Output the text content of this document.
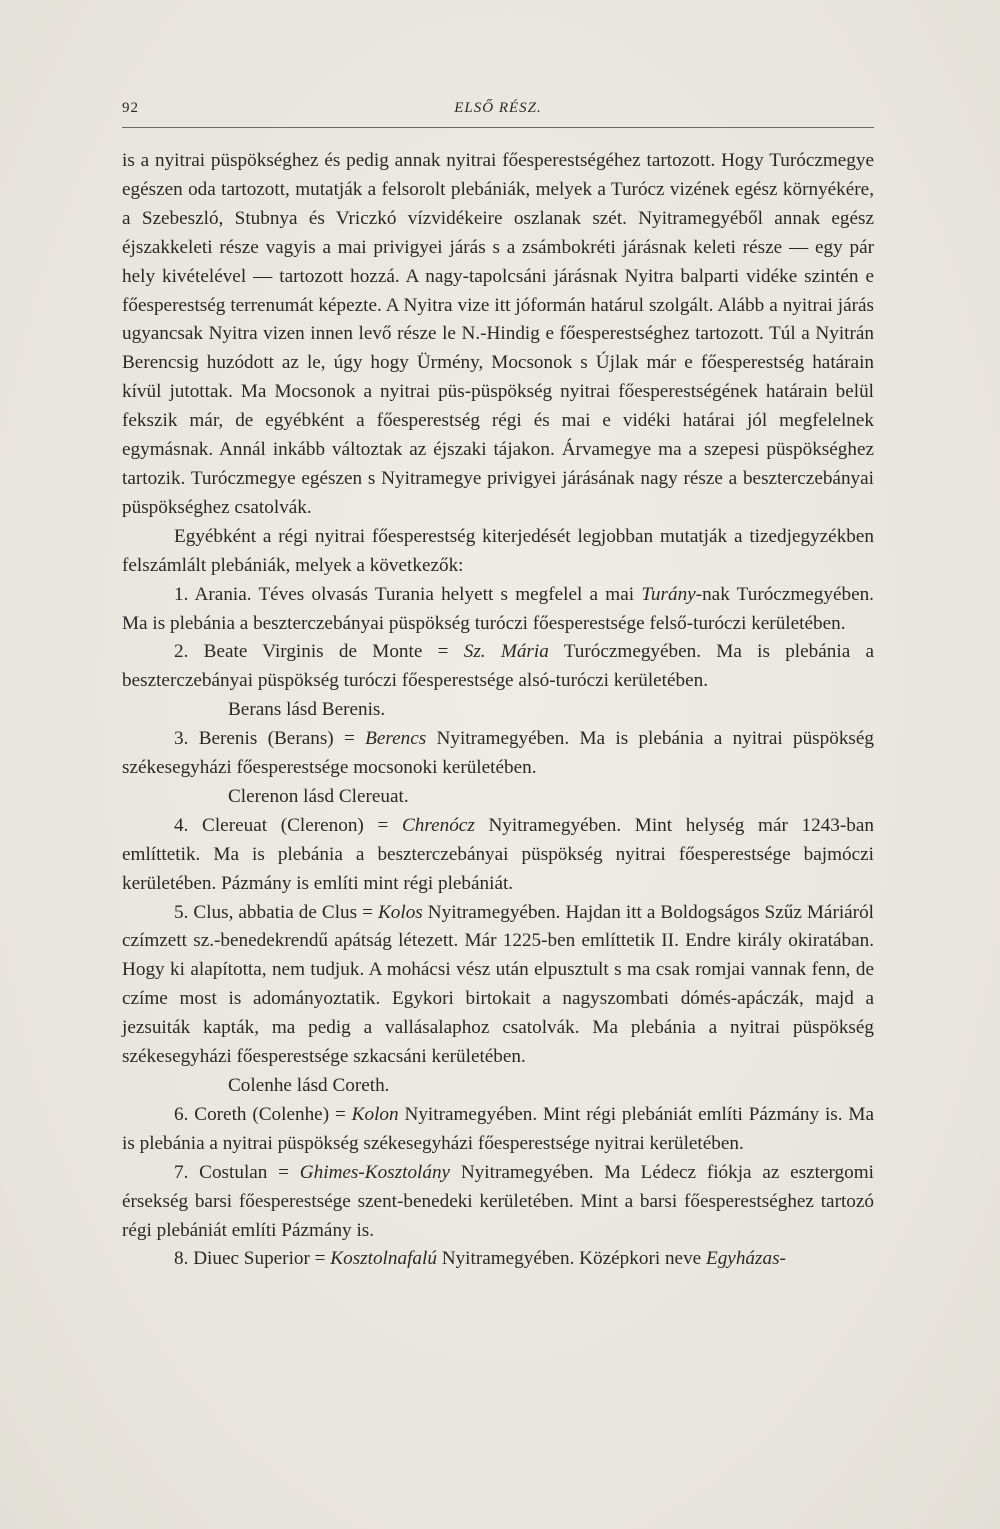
92	ELSŐ RÉSZ.

is a nyitrai püspökséghez és pedig annak nyitrai főesperestségéhez tartozott. Hogy Turóczmegye egészen oda tartozott, mutatják a felsorolt plebániák, melyek a Turócz vizének egész környékére, a Szebeszló, Stubnya és Vriczkó vízvidékeire oszlanak szét. Nyitramegyéből annak egész éjszakkeleti része vagyis a mai privigyei járás s a zsámbokréti járásnak keleti része — egy pár hely kivételével — tartozott hozzá. A nagy-tapolcsáni járásnak Nyitra balparti vidéke szintén e főesperestség terrenumát képezte. A Nyitra vize itt jóformán határul szolgált. Alább a nyitrai járás ugyancsak Nyitra vizen innen levő része le N.-Hindig e főesperestséghez tartozott. Túl a Nyitrán Berencsig huzódott az le, úgy hogy Ürmény, Mocsonok s Újlak már e főesperestség határain kívül jutottak. Ma Mocsonok a nyitrai püs-püspökség nyitrai főesperestségének határain belül fekszik már, de egyébként a főesperestség régi és mai e vidéki határai jól megfelelnek egymásnak. Annál inkább változtak az éjszaki tájakon. Árvamegye ma a szepesi püspökséghez tartozik. Turóczmegye egészen s Nyitramegye privigyei járásának nagy része a beszterczebányai püspökséghez csatolvák.

Egyébként a régi nyitrai főesperestség kiterjedését legjobban mutatják a tizedjegyzékben felszámlált plebániák, melyek a következők:

1. Arania. Téves olvasás Turania helyett s megfelel a mai Turány-nak Turóczmegyében. Ma is plebánia a beszterczebányai püspökség turóczi főesperestsége felső-turóczi kerületében.

2. Beate Virginis de Monte = Sz. Mária Turóczmegyében. Ma is plebánia a beszterczebányai püspökség turóczi főesperestsége alsó-turóczi kerületében.

Berans lásd Berenis.

3. Berenis (Berans) = Berencs Nyitramegyében. Ma is plebánia a nyitrai püspökség székesegyházi főesperestsége mocsonoki kerületében.

Clerenon lásd Clereuat.

4. Clereuat (Clerenon) = Chrenócz Nyitramegyében. Mint helység már 1243-ban említtetik. Ma is plebánia a beszterczebányai püspökség nyitrai főesperestsége bajmóczi kerületében. Pázmány is említi mint régi plebániát.

5. Clus, abbatia de Clus = Kolos Nyitramegyében. Hajdan itt a Boldogságos Szűz Máriáról czímzett sz.-benedekrendű apátság létezett. Már 1225-ben említtetik II. Endre király okiratában. Hogy ki alapította, nem tudjuk. A mohácsi vész után elpusztult s ma csak romjai vannak fenn, de czíme most is adományoztatik. Egykori birtokait a nagyszombati dómés-apáczák, majd a jezsuiták kapták, ma pedig a vallásalaphoz csatolvák. Ma plebánia a nyitrai püspökség székesegyházi főesperestsége szkacsáni kerületében.

Colenhe lásd Coreth.

6. Coreth (Colenhe) = Kolon Nyitramegyében. Mint régi plebániát említi Pázmány is. Ma is plebánia a nyitrai püspökség székesegyházi főesperestsége nyitrai kerületében.

7. Costulan = Ghimes-Kosztolány Nyitramegyében. Ma Lédecz fiókja az esztergomi érsekség barsi főesperestsége szent-benedeki kerületében. Mint a barsi főesperestséghez tartozó régi plebániát említi Pázmány is.

8. Diuec Superior = Kosztolnafalú Nyitramegyében. Középkori neve Egyházas-
